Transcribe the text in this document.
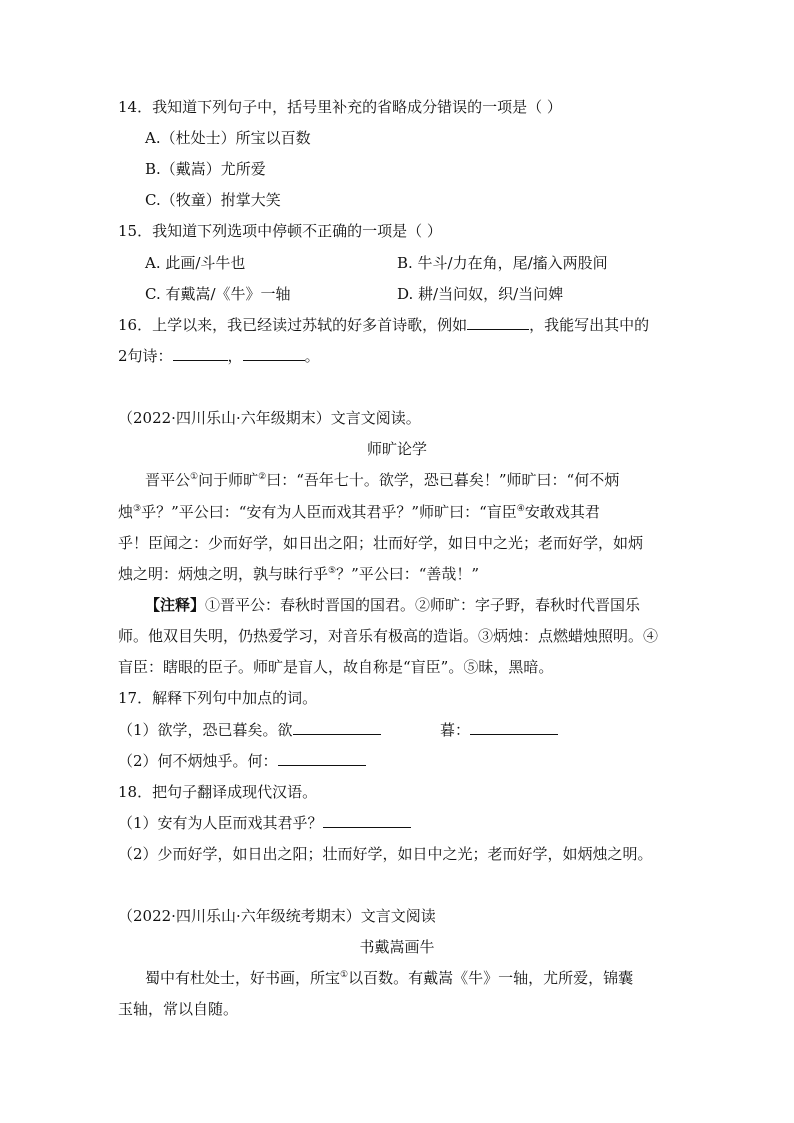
14．我知道下列句子中，括号里补充的省略成分错误的一项是（ ）
A.（杜处士）所宝以百数
B.（戴嵩）尤所爱
C.（牧童）拊掌大笑
15．我知道下列选项中停顿不正确的一项是（ ）
A. 此画/斗牛也	B. 牛斗/力在角，尾/搐入两股间
C. 有戴嵩/《牛》一轴	D. 耕/当问奴，织/当问婢
16．上学以来，我已经读过苏轼的好多首诗歌，例如	，我能写出其中的
2句诗：	，	。
（2022·四川乐山·六年级期末）文言文阅读。
师旷论学
晋平公①问于师旷②曰：“吾年七十。欲学，恐已暮矣！”师旷曰：“何不炳
烛③乎？”平公曰：“安有为人臣而戏其君乎？”师旷曰：“盲臣④安敢戏其君
乎！臣闻之：少而好学，如日出之阳；壮而好学，如日中之光；老而好学，如炳
烛之明：炳烛之明，孰与昧行乎⑤？”平公曰：“善哉！”
【注释】①晋平公：春秋时晋国的国君。②师旷：字子野，春秋时代晋国乐
师。他双目失明，仍热爱学习，对音乐有极高的造诣。③炳烛：点燃蜡烛照明。④
盲臣：瞎眼的臣子。师旷是盲人，故自称是“盲臣”。⑤昧，黑暗。
17．解释下列句中加点的词。
（1）欲学，恐已暮矣。欲	暮：
（2）何不炳烛乎。何：
18．把句子翻译成现代汉语。
（1）安有为人臣而戏其君乎？
（2）少而好学，如日出之阳；壮而好学，如日中之光；老而好学，如炳烛之明。
（2022·四川乐山·六年级统考期末）文言文阅读
书戴嵩画牛
蜀中有杜处士，好书画，所宝①以百数。有戴嵩《牛》一轴，尤所爱，锦囊
玉轴，常以自随。
